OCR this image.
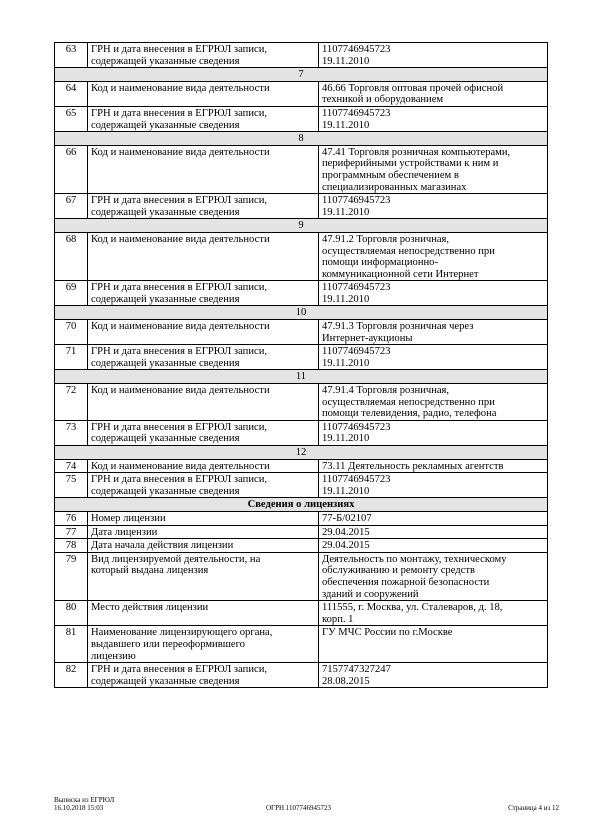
63	ГРН и дата внесения в ЕГРЮЛ записи,
содержащей указанные сведения	1107746945723
19.11.2010

7		
64	Код и наименование вида деятельности	46.66 Торговля оптовая прочей офисной
техникой и оборудованием

65	ГРН и дата внесения в ЕГРЮЛ записи,
содержащей указанные сведения	1107746945723
19.11.2010

8		
66	Код и наименование вида деятельности	47.41 Торговля розничная компьютерами,
периферийными устройствами к ним и
программным обеспечением в
специализированных магазинах

67	ГРН и дата внесения в ЕГРЮЛ записи,
содержащей указанные сведения	1107746945723
19.11.2010

9		
68	Код и наименование вида деятельности	47.91.2 Торговля розничная,
осуществляемая непосредственно при
помощи информационно-
коммуникационной сети Интернет

69	ГРН и дата внесения в ЕГРЮЛ записи,
содержащей указанные сведения	1107746945723
19.11.2010

10		
70	Код и наименование вида деятельности	47.91.3 Торговля розничная через
Интернет-аукционы

71	ГРН и дата внесения в ЕГРЮЛ записи,
содержащей указанные сведения	1107746945723
19.11.2010

11		
72	Код и наименование вида деятельности	47.91.4 Торговля розничная,
осуществляемая непосредственно при
помощи телевидения, радио, телефона

73	ГРН и дата внесения в ЕГРЮЛ записи,
содержащей указанные сведения	1107746945723
19.11.2010

12		
74	Код и наименование вида деятельности	73.11 Деятельность рекламных агентств

75	ГРН и дата внесения в ЕГРЮЛ записи,
содержащей указанные сведения	1107746945723
19.11.2010

Сведения о лицензиях		
76	Номер лицензии	77-Б/02107

77	Дата лицензии	29.04.2015

78	Дата начала действия лицензии	29.04.2015

79	Вид лицензируемой деятельности, на
который выдана лицензия	Деятельность по монтажу, техническому
обслуживанию и ремонту средств
обеспечения пожарной безопасности
зданий и сооружений

80	Место действия лицензии	111555, г. Москва, ул. Сталеваров, д. 18,
корп. 1

81	Наименование лицензирующего органа,
выдавшего или переоформившего
лицензию	ГУ МЧС России по г.Москве

82	ГРН и дата внесения в ЕГРЮЛ записи,
содержащей указанные сведения	7157747327247
28.08.2015
Выписка из ЕГРЮЛ
16.10.2018 15:03	ОГРН 1107746945723	Страница 4 из 12
